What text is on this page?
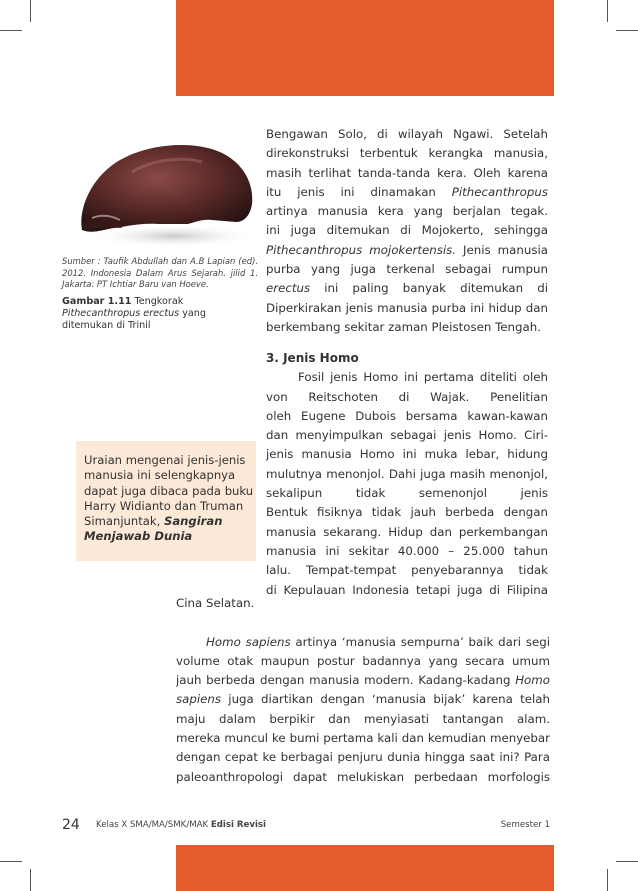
Sumber : Taufik Abdullah dan A.B Lapian (ed). 2012. Indonesia Dalam Arus Sejarah. jilid 1. Jakarta: PT Ichtiar Baru van Hoeve.
Gambar 1.11 Tengkorak Pithecanthropus erectus yang ditemukan di Trinil
Bengawan Solo, di wilayah Ngawi. Setelah
direkonstruksi terbentuk kerangka manusia,
masih terlihat tanda-tanda kera. Oleh karena
itu jenis ini dinamakan Pithecanthropus
artinya manusia kera yang berjalan tegak.
ini juga ditemukan di Mojokerto, sehingga
Pithecanthropus mojokertensis. Jenis manusia
purba yang juga terkenal sebagai rumpun
erectus ini paling banyak ditemukan di
Diperkirakan jenis manusia purba ini hidup dan
berkembang sekitar zaman Pleistosen Tengah.
3. Jenis Homo
Fosil jenis Homo ini pertama diteliti oleh
von Reitschoten di Wajak. Penelitian
oleh Eugene Dubois bersama kawan-kawan
dan menyimpulkan sebagai jenis Homo. Ciri-
jenis manusia Homo ini muka lebar, hidung
mulutnya menonjol. Dahi juga masih menonjol,
sekalipun tidak semenonjol jenis
Bentuk fisiknya tidak jauh berbeda dengan
manusia sekarang. Hidup dan perkembangan
manusia ini sekitar 40.000 – 25.000 tahun
lalu. Tempat-tempat penyebarannya tidak
di Kepulauan Indonesia tetapi juga di Filipina
Uraian mengenai jenis-jenis manusia ini selengkapnya dapat juga dibaca pada buku Harry Widianto dan Truman Simanjuntak, Sangiran Menjawab Dunia
Cina Selatan.
Homo sapiens artinya ‘manusia sempurna’ baik dari segi
volume otak maupun postur badannya yang secara umum
jauh berbeda dengan manusia modern. Kadang-kadang Homo
sapiens juga diartikan dengan ‘manusia bijak’ karena telah
maju dalam berpikir dan menyiasati tantangan alam.
mereka muncul ke bumi pertama kali dan kemudian menyebar
dengan cepat ke berbagai penjuru dunia hingga saat ini? Para
paleoanthropologi dapat melukiskan perbedaan morfologis
24 Kelas X SMA/MA/SMK/MAK Edisi Revisi	Semester 1
